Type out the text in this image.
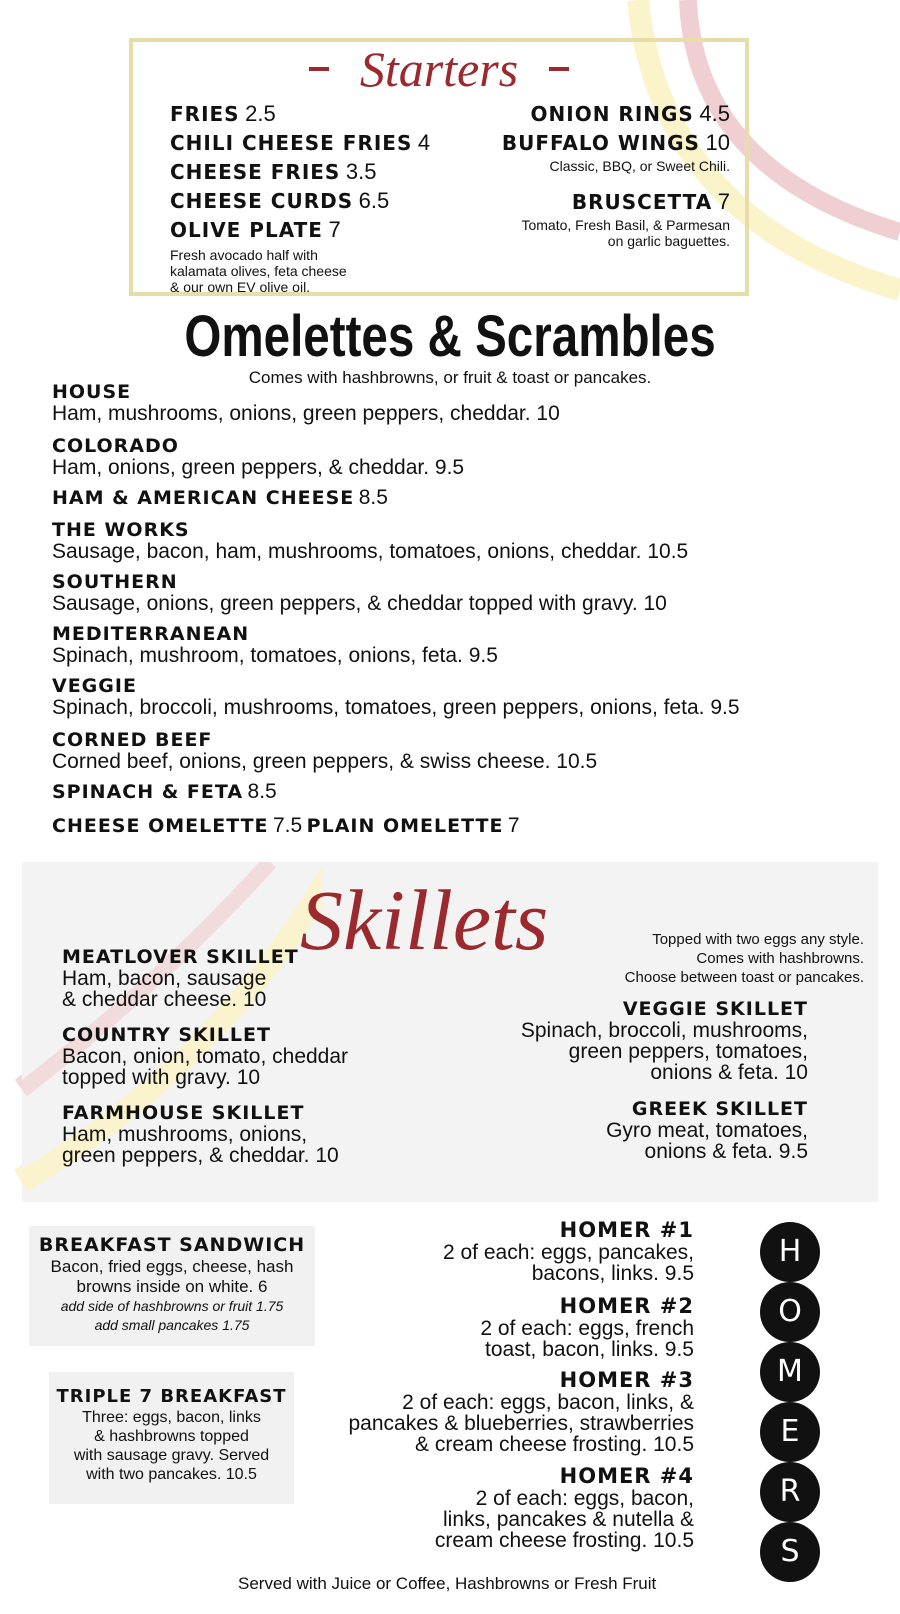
Starters
FRIES 2.5
CHILI CHEESE FRIES 4
CHEESE FRIES 3.5
CHEESE CURDS 6.5
OLIVE PLATE 7
Fresh avocado half with
kalamata olives, feta cheese
& our own EV olive oil.
ONION RINGS 4.5
BUFFALO WINGS 10
Classic, BBQ, or Sweet Chili.
BRUSCETTA 7
Tomato, Fresh Basil, & Parmesan
on garlic baguettes.
Omelettes & Scrambles
Comes with hashbrowns, or fruit & toast or pancakes.
HOUSE
Ham, mushrooms, onions, green peppers, cheddar. 10
COLORADO
Ham, onions, green peppers, & cheddar. 9.5
HAM & AMERICAN CHEESE 8.5
THE WORKS
Sausage, bacon, ham, mushrooms, tomatoes, onions, cheddar. 10.5
SOUTHERN
Sausage, onions, green peppers, & cheddar topped with gravy. 10
MEDITERRANEAN
Spinach, mushroom, tomatoes, onions, feta. 9.5
VEGGIE
Spinach, broccoli, mushrooms, tomatoes, green peppers, onions, feta. 9.5
CORNED BEEF
Corned beef, onions, green peppers, & swiss cheese. 10.5
SPINACH & FETA 8.5
CHEESE OMELETTE 7.5 PLAIN OMELETTE 7
Skillets	Topped with two eggs any style.
Comes with hashbrowns.
Choose between toast or pancakes.
MEATLOVER SKILLET
Ham, bacon, sausage
& cheddar cheese. 10
COUNTRY SKILLET
Bacon, onion, tomato, cheddar
topped with gravy. 10
FARMHOUSE SKILLET
Ham, mushrooms, onions,
green peppers, & cheddar. 10
VEGGIE SKILLET
Spinach, broccoli, mushrooms,
green peppers, tomatoes,
onions & feta. 10
GREEK SKILLET
Gyro meat, tomatoes,
onions & feta. 9.5
BREAKFAST SANDWICH
Bacon, fried eggs, cheese, hash
browns inside on white. 6
add side of hashbrowns or fruit 1.75
add small pancakes 1.75
TRIPLE 7 BREAKFAST
Three: eggs, bacon, links
& hashbrowns topped
with sausage gravy. Served
with two pancakes. 10.5
HOMER #1
2 of each: eggs, pancakes,
bacons, links. 9.5
HOMER #2
2 of each: eggs, french
toast, bacon, links. 9.5
HOMER #3
2 of each: eggs, bacon, links, &
pancakes & blueberries, strawberries
& cream cheese frosting. 10.5
HOMER #4
2 of each: eggs, bacon,
links, pancakes & nutella &
cream cheese frosting. 10.5
H
O
M
E
R
S
Served with Juice or Coffee, Hashbrowns or Fresh Fruit
